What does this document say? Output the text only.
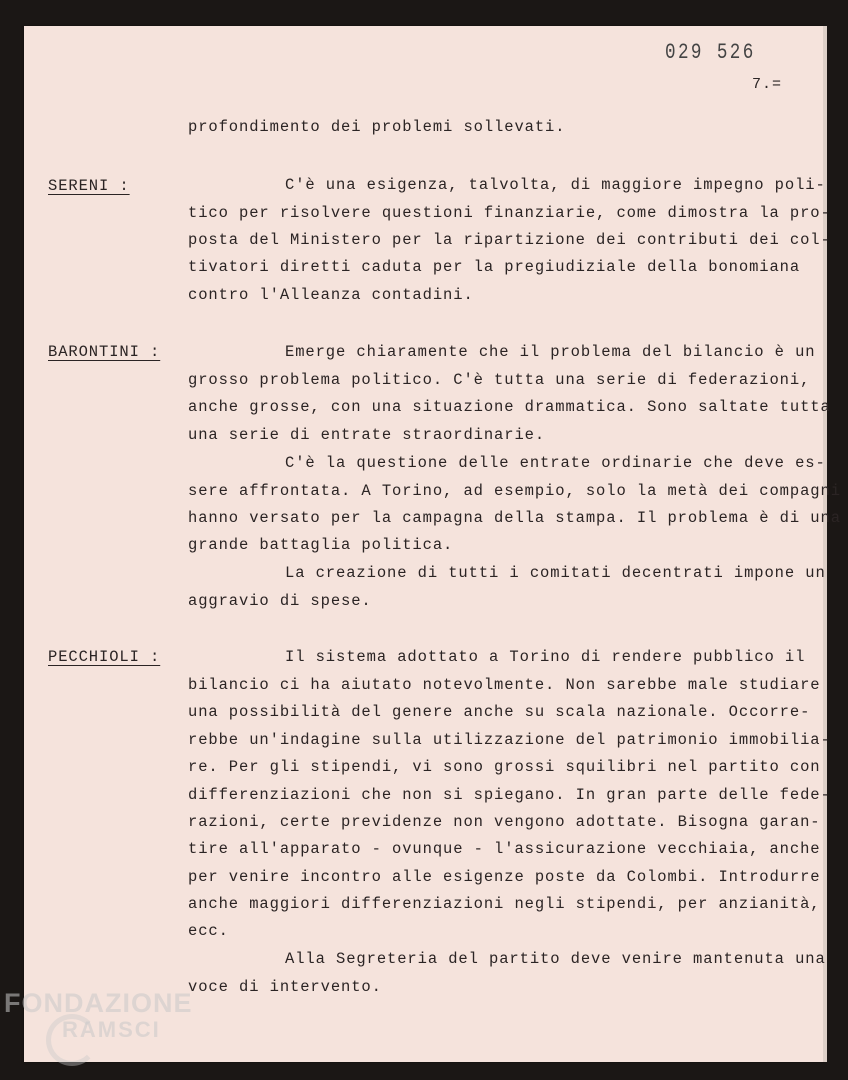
029 526
7.=
SERENI :
BARONTINI :
PECCHIOLI :
profondimento dei problemi sollevati.
C'è una esigenza, talvolta, di maggiore impegno poli-
tico per risolvere questioni finanziarie, come dimostra la pro-
posta del Ministero per la ripartizione dei contributi dei col-
tivatori diretti caduta per la pregiudiziale della bonomiana
contro l'Alleanza contadini.
Emerge chiaramente che il problema del bilancio è un
grosso problema politico. C'è tutta una serie di federazioni,
anche grosse, con una situazione drammatica. Sono saltate tutta
una serie di entrate straordinarie.
C'è la questione delle entrate ordinarie che deve es-
sere affrontata. A Torino, ad esempio, solo la metà dei compagni
hanno versato per la campagna della stampa. Il problema è di una
grande battaglia politica.
La creazione di tutti i comitati decentrati impone un
aggravio di spese.
Il sistema adottato a Torino di rendere pubblico il
bilancio ci ha aiutato notevolmente. Non sarebbe male studiare
una possibilità del genere anche su scala nazionale. Occorre-
rebbe un'indagine sulla utilizzazione del patrimonio immobilia-
re. Per gli stipendi, vi sono grossi squilibri nel partito con
differenziazioni che non si spiegano. In gran parte delle fede-
razioni, certe previdenze non vengono adottate. Bisogna garan-
tire all'apparato - ovunque - l'assicurazione vecchiaia, anche
per venire incontro alle esigenze poste da Colombi. Introdurre
anche maggiori differenziazioni negli stipendi, per anzianità,
ecc.
Alla Segreteria del partito deve venire mantenuta una
voce di intervento.
FONDAZIONE
RAMSCI
